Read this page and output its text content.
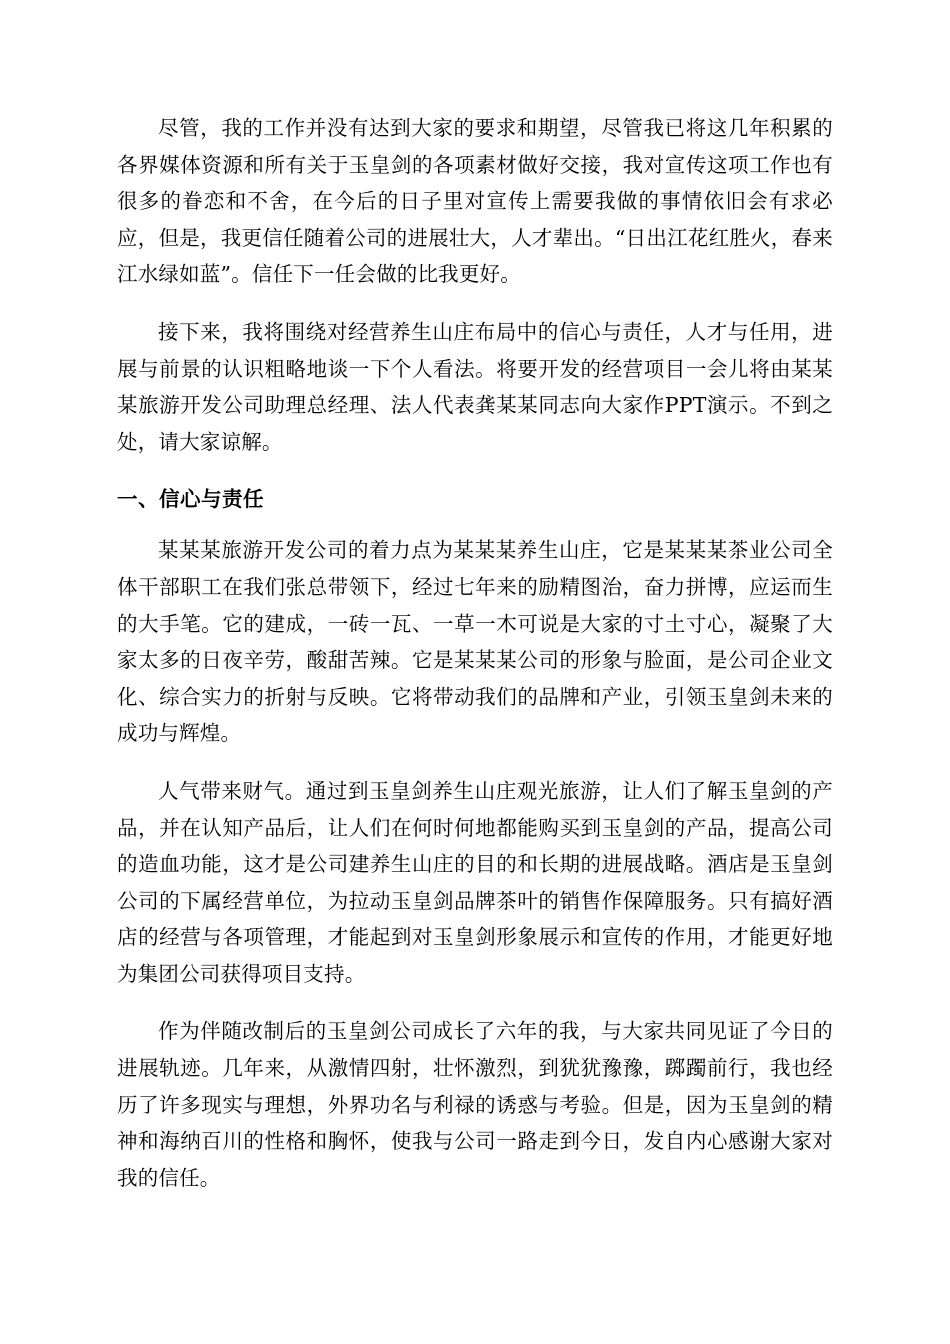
尽管，我的工作并没有达到大家的要求和期望，尽管我已将这几年积累的各界媒体资源和所有关于玉皇剑的各项素材做好交接，我对宣传这项工作也有很多的眷恋和不舍，在今后的日子里对宣传上需要我做的事情依旧会有求必应，但是，我更信任随着公司的进展壮大，人才辈出。“日出江花红胜火，春来江水绿如蓝”。信任下一任会做的比我更好。

接下来，我将围绕对经营养生山庄布局中的信心与责任，人才与任用，进展与前景的认识粗略地谈一下个人看法。将要开发的经营项目一会儿将由某某某旅游开发公司助理总经理、法人代表龚某某同志向大家作PPT演示。不到之处，请大家谅解。

一、信心与责任

某某某旅游开发公司的着力点为某某某养生山庄，它是某某某茶业公司全体干部职工在我们张总带领下，经过七年来的励精图治，奋力拼博，应运而生的大手笔。它的建成，一砖一瓦、一草一木可说是大家的寸土寸心，凝聚了大家太多的日夜辛劳，酸甜苦辣。它是某某某公司的形象与脸面，是公司企业文化、综合实力的折射与反映。它将带动我们的品牌和产业，引领玉皇剑未来的成功与辉煌。

人气带来财气。通过到玉皇剑养生山庄观光旅游，让人们了解玉皇剑的产品，并在认知产品后，让人们在何时何地都能购买到玉皇剑的产品，提高公司的造血功能，这才是公司建养生山庄的目的和长期的进展战略。酒店是玉皇剑公司的下属经营单位，为拉动玉皇剑品牌茶叶的销售作保障服务。只有搞好酒店的经营与各项管理，才能起到对玉皇剑形象展示和宣传的作用，才能更好地为集团公司获得项目支持。

作为伴随改制后的玉皇剑公司成长了六年的我，与大家共同见证了今日的进展轨迹。几年来，从激情四射，壮怀激烈，到犹犹豫豫，踯躅前行，我也经历了许多现实与理想，外界功名与利禄的诱惑与考验。但是，因为玉皇剑的精神和海纳百川的性格和胸怀，使我与公司一路走到今日，发自内心感谢大家对我的信任。
